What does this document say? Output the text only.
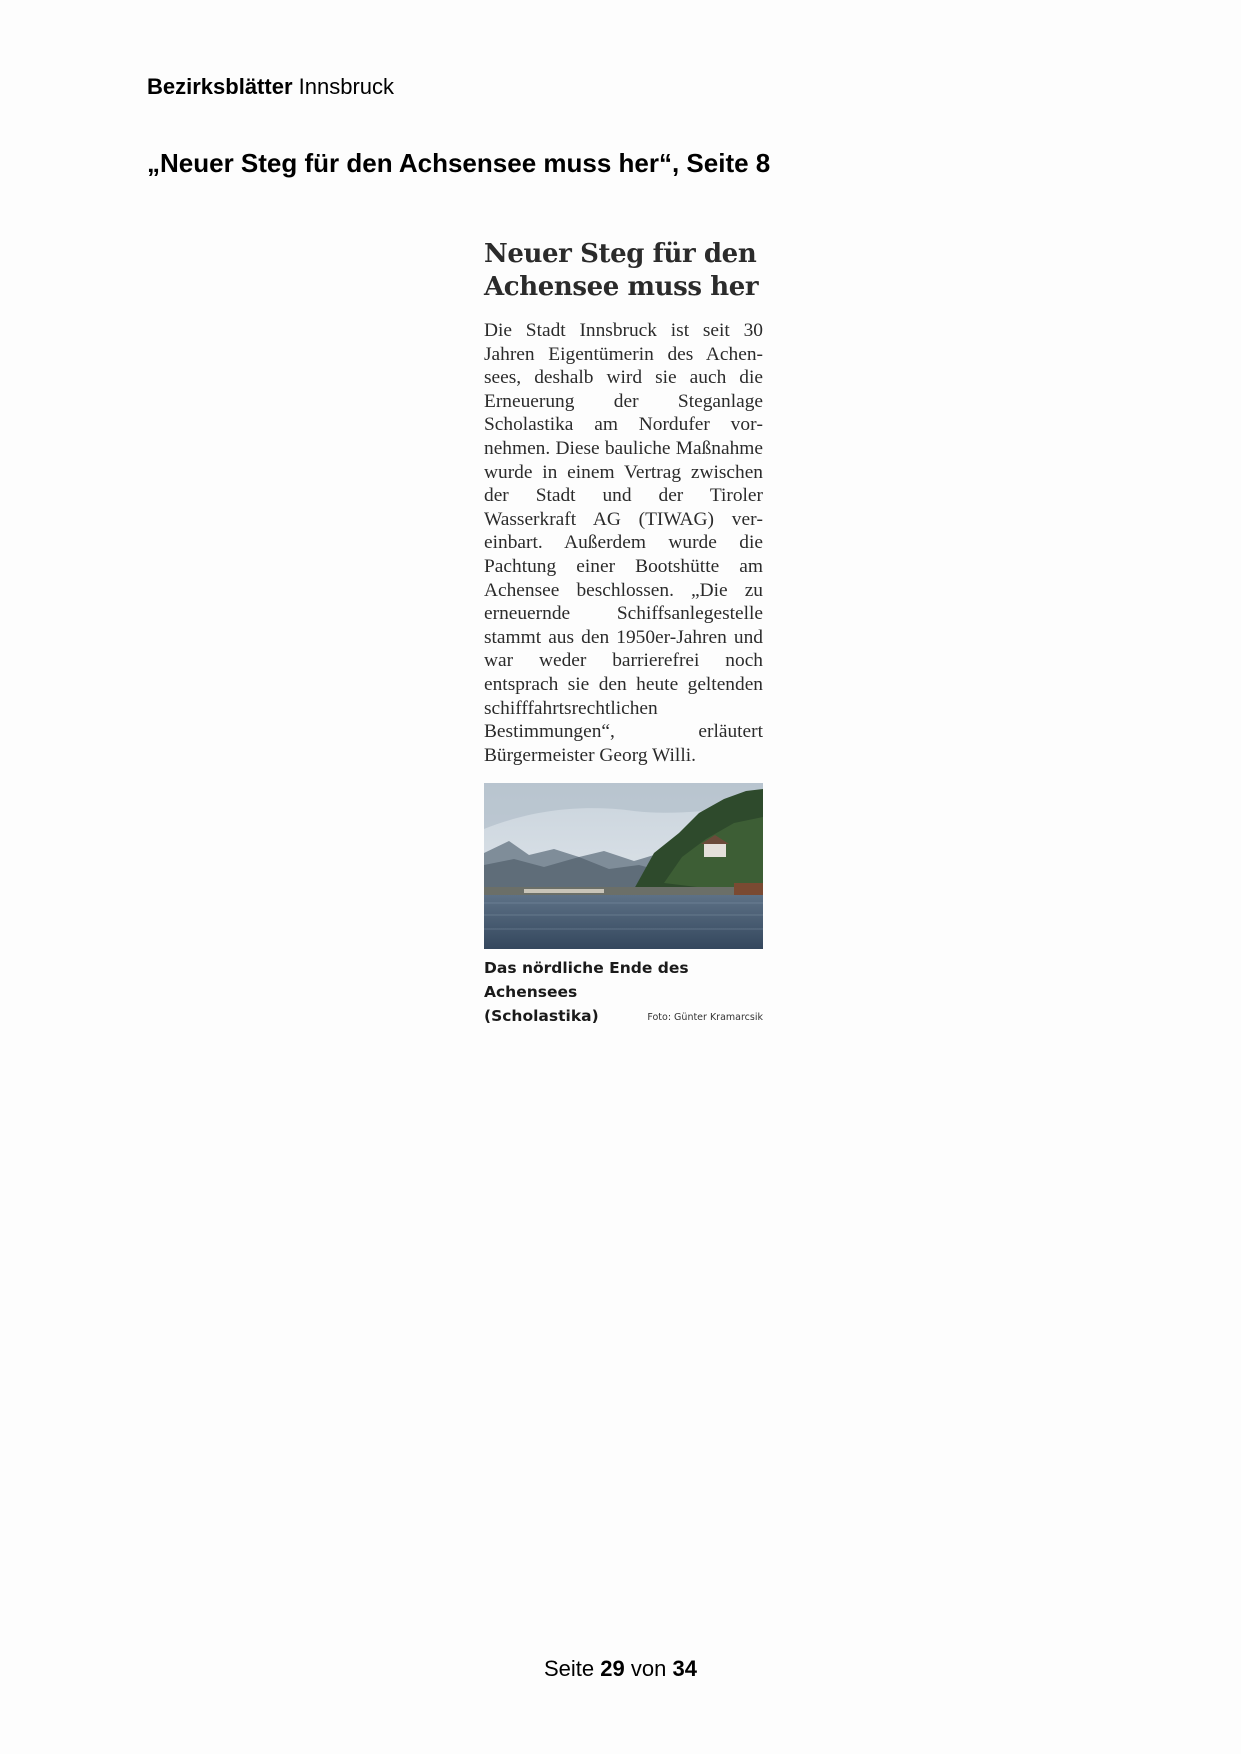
Bezirksblätter Innsbruck
„Neuer Steg für den Achsensee muss her“, Seite 8
Neuer Steg für den
Achensee muss her

Die Stadt Innsbruck ist seit 30 Jahren Eigentümerin des Achensees, deshalb wird sie auch die Erneuerung der Steganlage Scholastika am Nordufer vornehmen. Diese bauliche Maßnahme wurde in einem Vertrag zwischen der Stadt und der Tiroler Wasserkraft AG (TIWAG) vereinbart. Außerdem wurde die Pachtung einer Bootshütte am Achensee beschlossen. „Die zu erneuernde Schiffsanlegestelle stammt aus den 1950er-Jahren und war weder barrierefrei noch entsprach sie den heute geltenden schifffahrtsrechtlichen Bestimmungen“, erläutert Bürgermeister Georg Willi.

Das nördliche Ende des Achensees
(Scholastika)	Foto: Günter Kramarcsik
Seite 29 von 34
